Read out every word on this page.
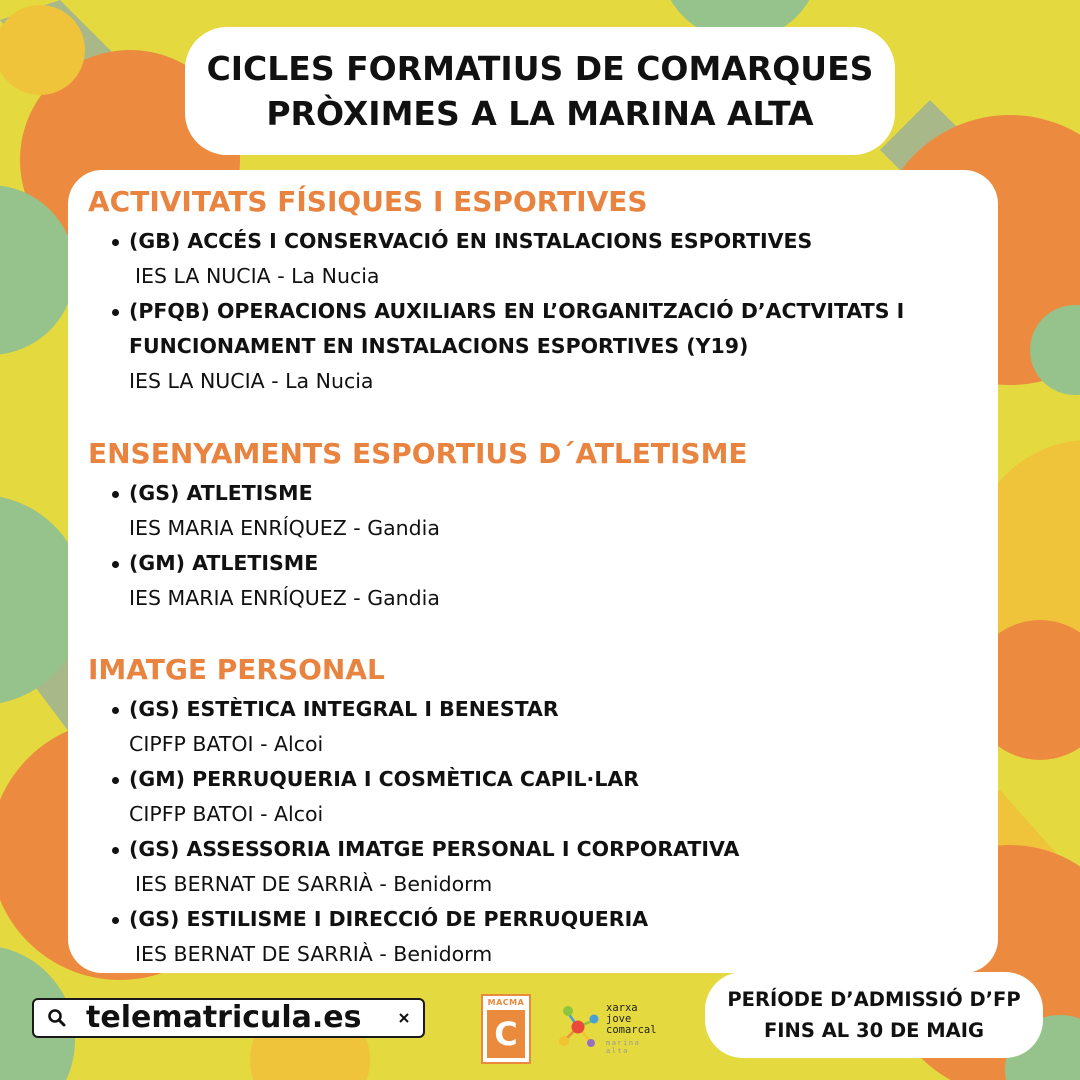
CICLES FORMATIUS DE COMARQUES
PRÒXIMES A LA MARINA ALTA
ACTIVITATS FÍSIQUES I ESPORTIVES
(GB) ACCÉS I CONSERVACIÓ EN INSTALACIONS ESPORTIVES
IES LA NUCIA - La Nucia
(PFQB) OPERACIONS AUXILIARS EN L’ORGANITZACIÓ D’ACTVITATS I
FUNCIONAMENT EN INSTALACIONS ESPORTIVES (Y19)
IES LA NUCIA - La Nucia
ENSENYAMENTS ESPORTIUS D´ATLETISME
(GS) ATLETISME
IES MARIA ENRÍQUEZ - Gandia
(GM) ATLETISME
IES MARIA ENRÍQUEZ - Gandia
IMATGE PERSONAL
(GS) ESTÈTICA INTEGRAL I BENESTAR
CIPFP BATOI - Alcoi
(GM) PERRUQUERIA I COSMÈTICA CAPIL·LAR
CIPFP BATOI - Alcoi
(GS) ASSESSORIA IMATGE PERSONAL I CORPORATIVA
IES BERNAT DE SARRIÀ - Benidorm
(GS) ESTILISME I DIRECCIÓ DE PERRUQUERIA
IES BERNAT DE SARRIÀ - Benidorm
telematricula.es	MACMA
C
xarxa
jove
comarcal
marina alta
PERÍODE D’ADMISSIÓ D’FP
FINS AL 30 DE MAIG
